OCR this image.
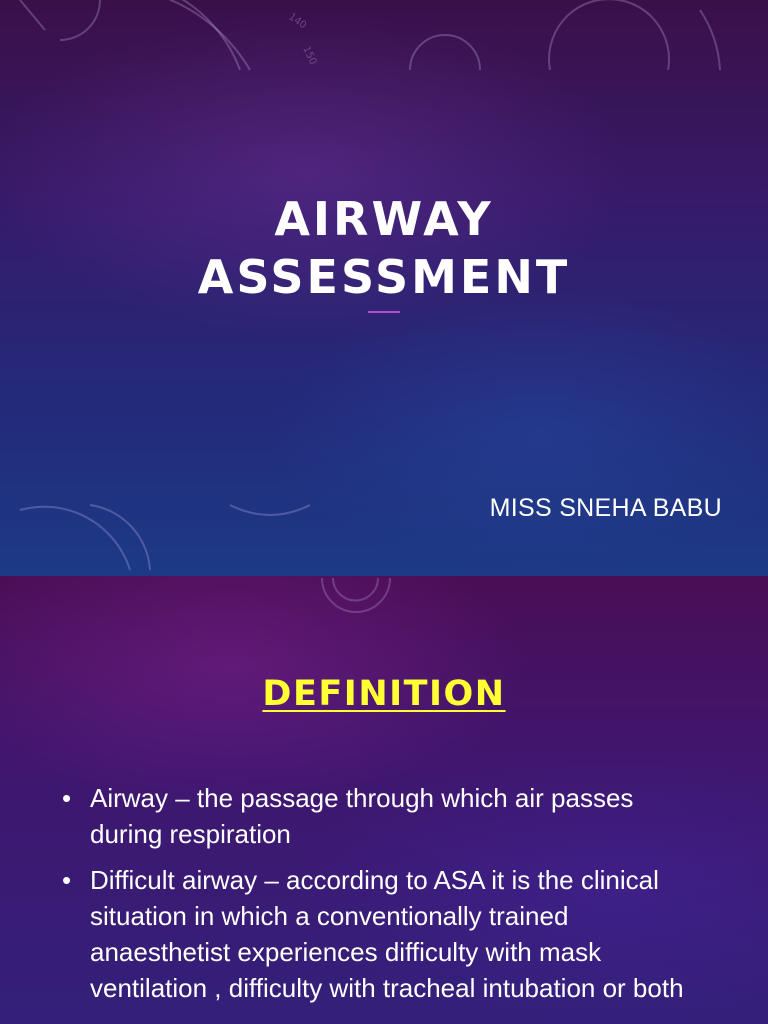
140
150
AIRWAY
ASSESSMENT
MISS SNEHA BABU
DEFINITION
• Airway – the passage through which air passes during respiration
• Difficult airway – according to ASA it is the clinical situation in which a conventionally trained anaesthetist experiences difficulty with mask ventilation , difficulty with tracheal intubation or both
